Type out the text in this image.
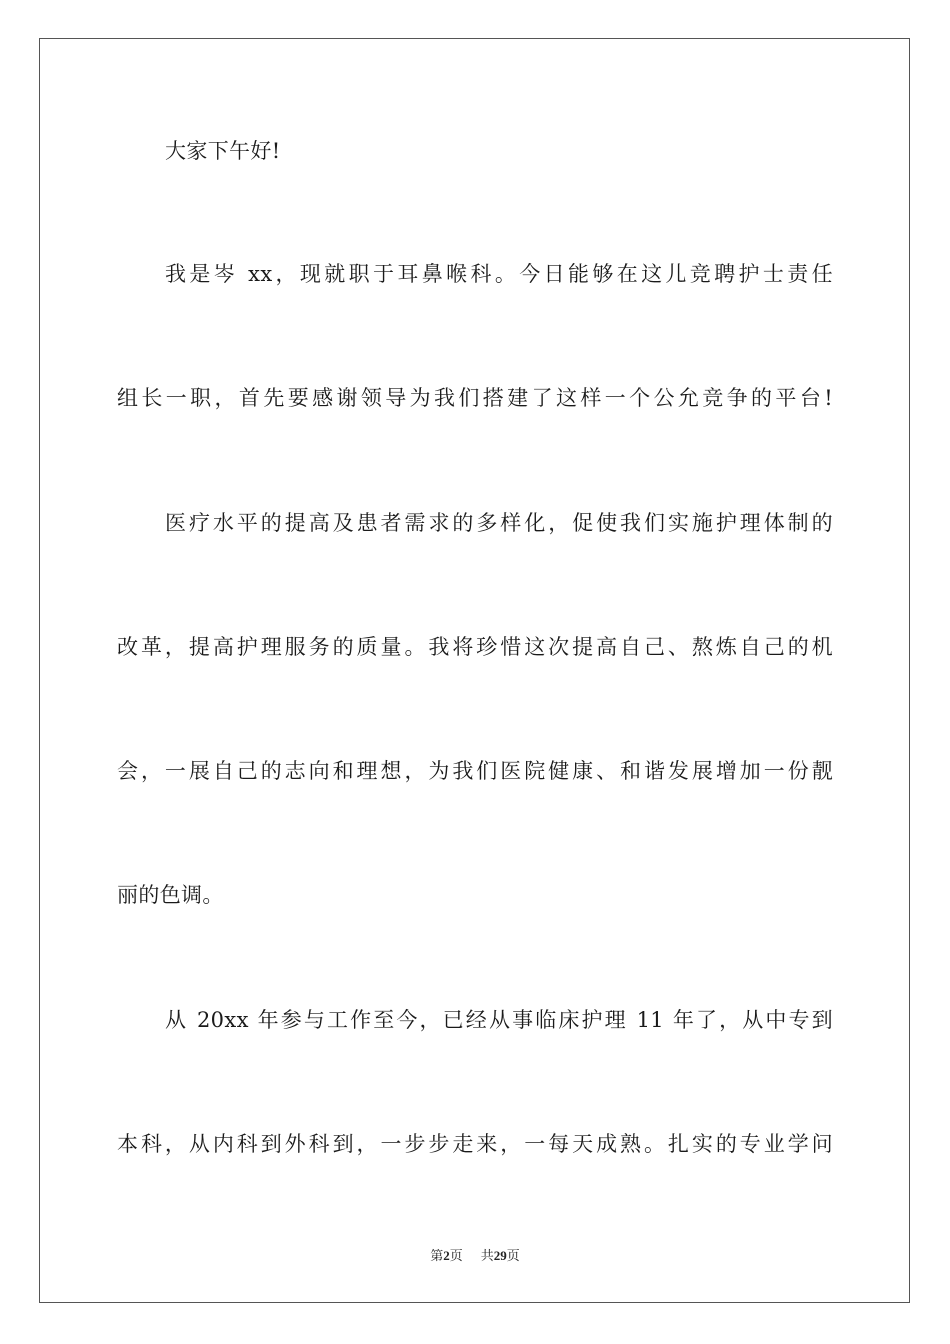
大家下午好!
我是岑 xx，现就职于耳鼻喉科。今日能够在这儿竞聘护士责任
组长一职，首先要感谢领导为我们搭建了这样一个公允竞争的平台!
医疗水平的提高及患者需求的多样化，促使我们实施护理体制的
改革，提高护理服务的质量。我将珍惜这次提高自己、熬炼自己的机
会，一展自己的志向和理想，为我们医院健康、和谐发展增加一份靓
丽的色调。
从 20xx 年参与工作至今，已经从事临床护理 11 年了，从中专到
本科，从内科到外科到，一步步走来，一每天成熟。扎实的专业学问
第2页 共29页
